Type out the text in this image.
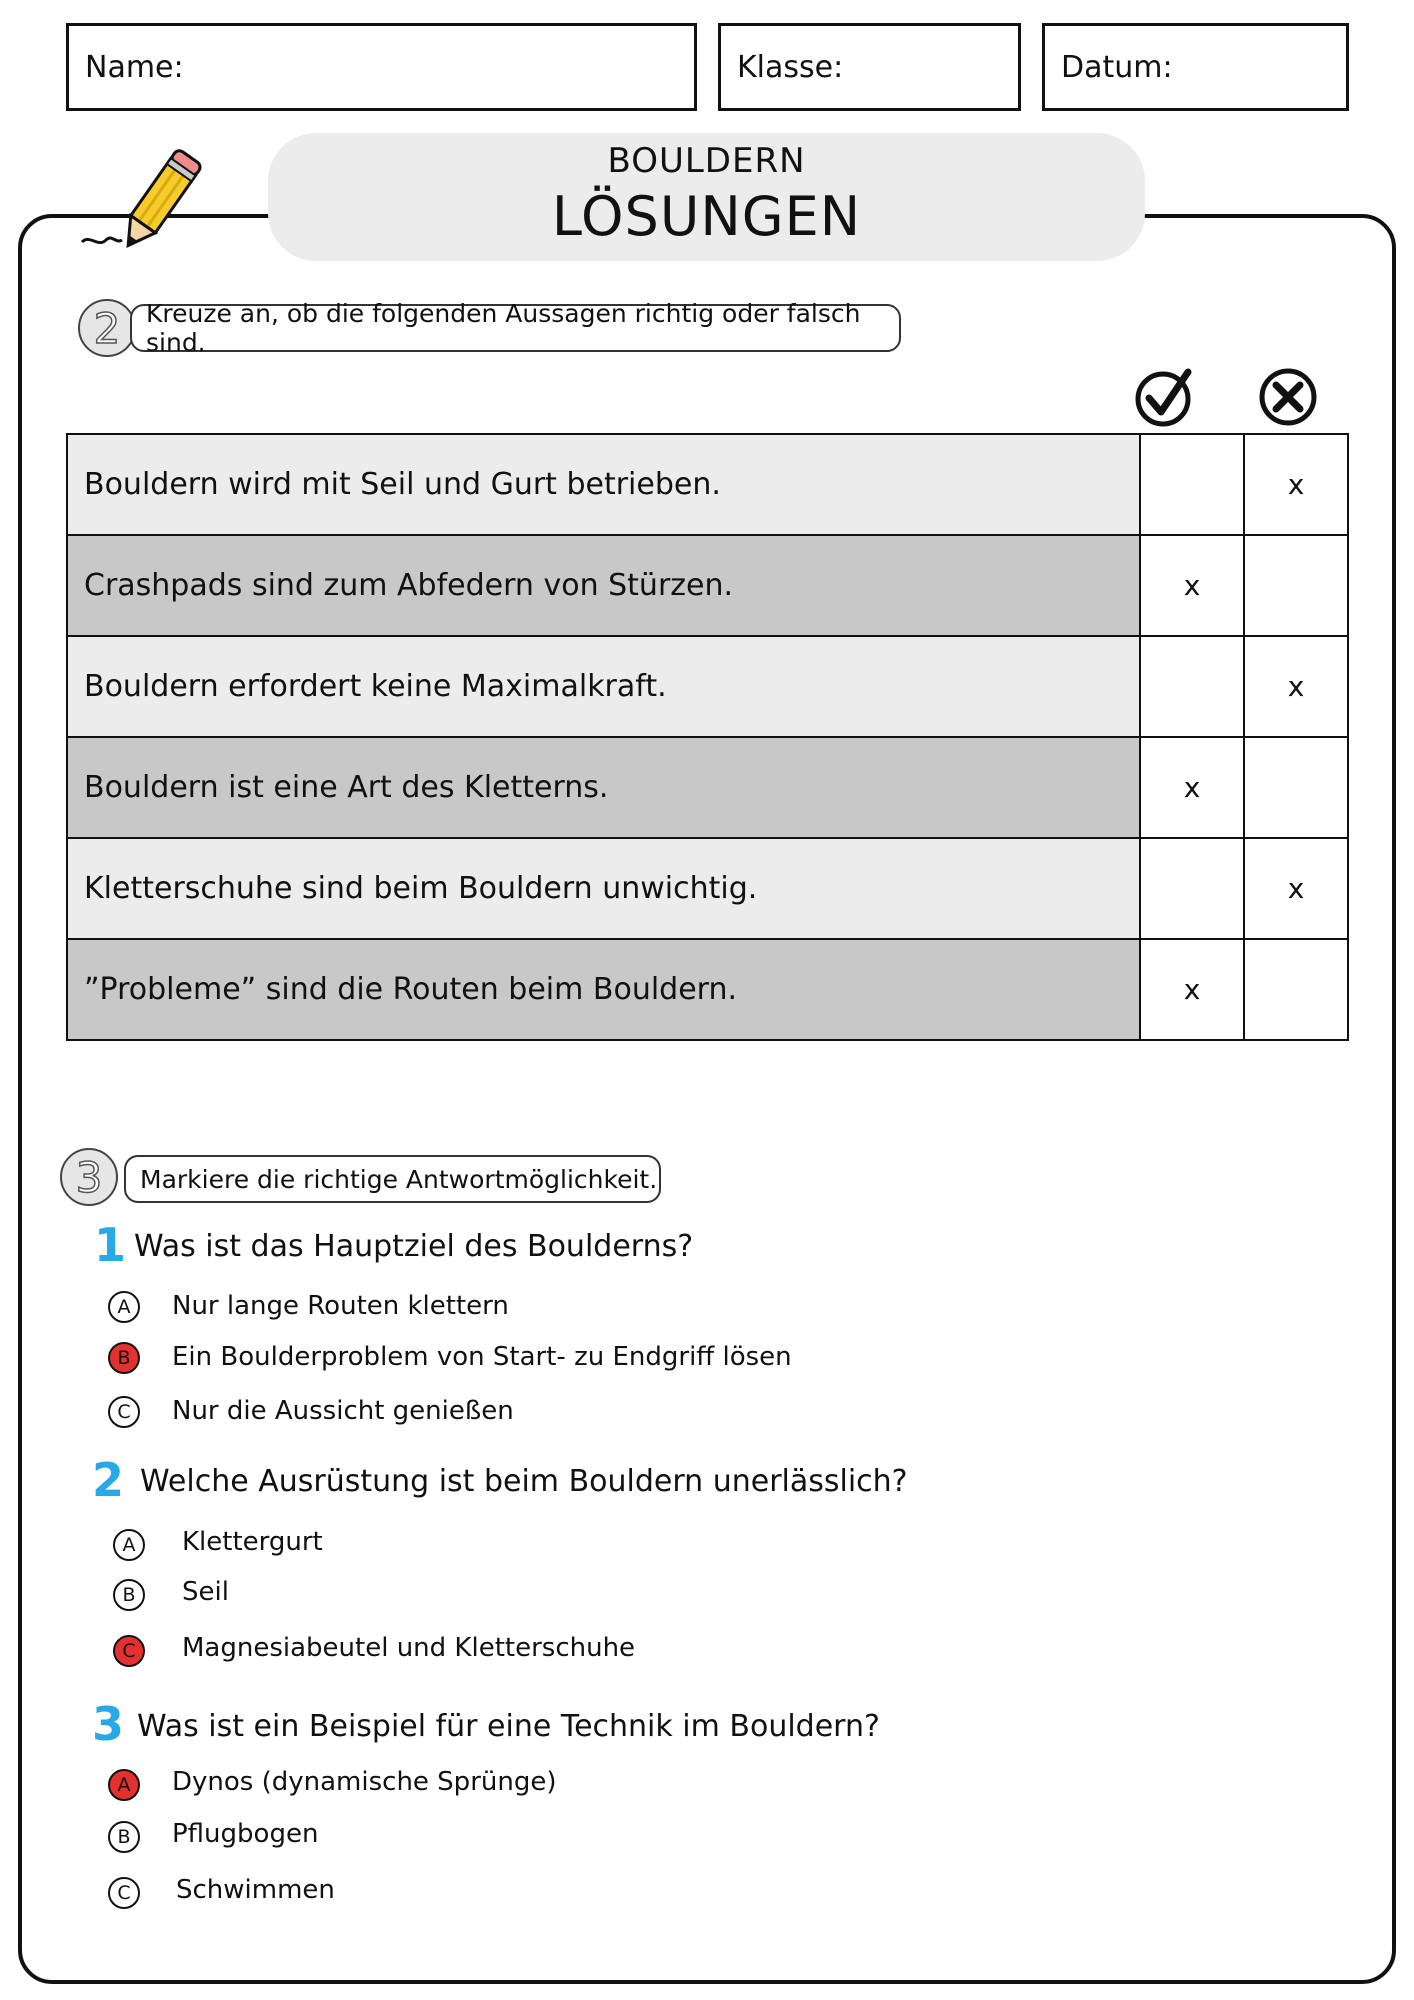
Name:	Klasse:	Datum:
BOULDERN
LÖSUNGEN
2	Kreuze an, ob die folgenden Aussagen richtig oder falsch sind.
Bouldern wird mit Seil und Gurt betrieben.		x
Crashpads sind zum Abfedern von Stürzen.	x	
Bouldern erfordert keine Maximalkraft.		x
Bouldern ist eine Art des Kletterns.	x	
Kletterschuhe sind beim Bouldern unwichtig.		x
”Probleme” sind die Routen beim Bouldern.	x	
3	Markiere die richtige Antwortmöglichkeit.
1 Was ist das Hauptziel des Boulderns?
A	Nur lange Routen klettern
B	Ein Boulderproblem von Start- zu Endgriff lösen
C	Nur die Aussicht genießen
2 Welche Ausrüstung ist beim Bouldern unerlässlich?
A	Klettergurt
B	Seil
C	Magnesiabeutel und Kletterschuhe
3 Was ist ein Beispiel für eine Technik im Bouldern?
A	Dynos (dynamische Sprünge)
B	Pflugbogen
C	Schwimmen
